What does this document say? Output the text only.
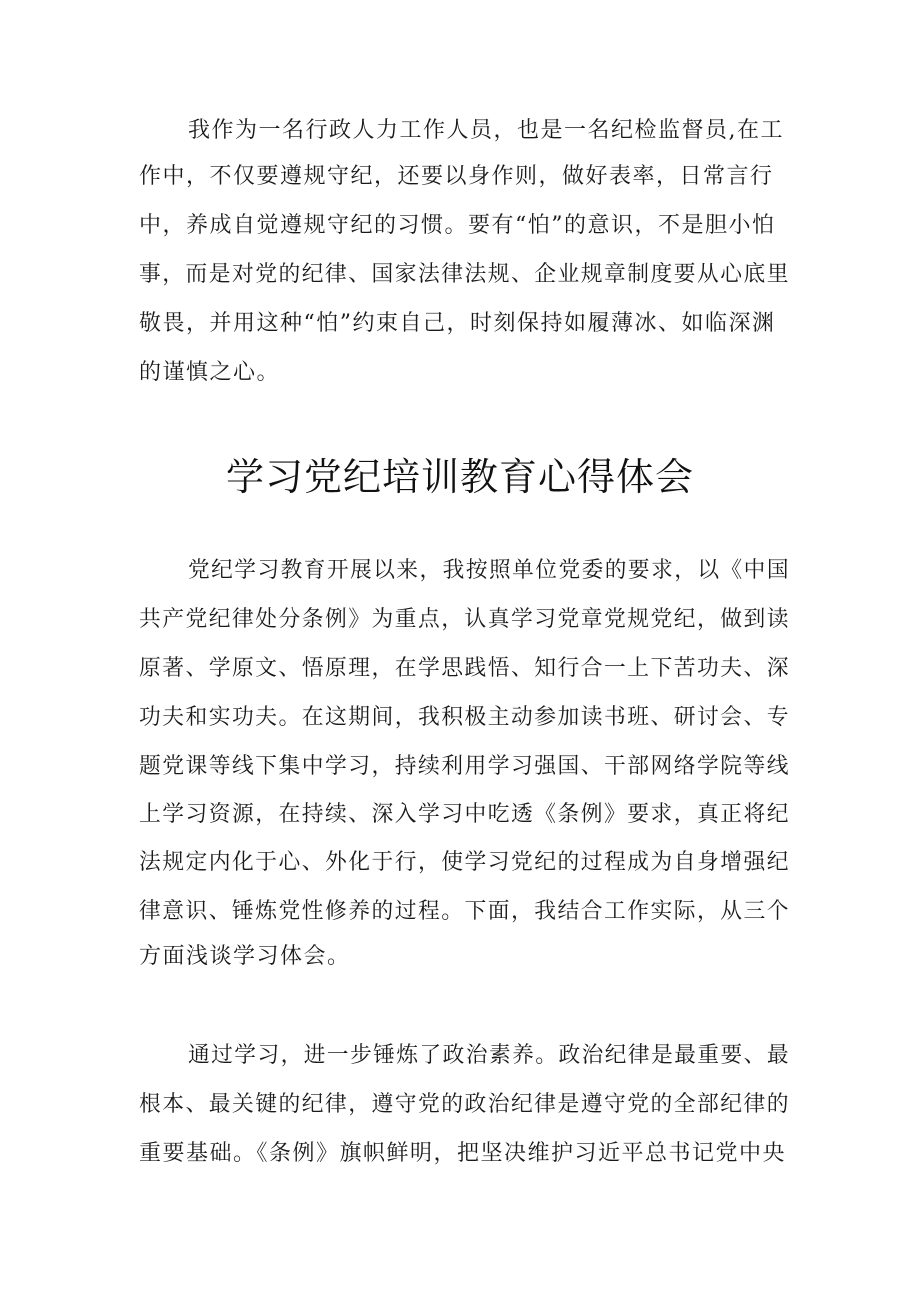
我作为一名行政人力工作人员，也是一名纪检监督员,在工
作中，不仅要遵规守纪，还要以身作则，做好表率，日常言行
中，养成自觉遵规守纪的习惯。要有“怕”的意识，不是胆小怕
事，而是对党的纪律、国家法律法规、企业规章制度要从心底里
敬畏，并用这种“怕”约束自己，时刻保持如履薄冰、如临深渊
的谨慎之心。
学习党纪培训教育心得体会
党纪学习教育开展以来，我按照单位党委的要求，以《中国
共产党纪律处分条例》为重点，认真学习党章党规党纪，做到读
原著、学原文、悟原理，在学思践悟、知行合一上下苦功夫、深
功夫和实功夫。在这期间，我积极主动参加读书班、研讨会、专
题党课等线下集中学习，持续利用学习强国、干部网络学院等线
上学习资源，在持续、深入学习中吃透《条例》要求，真正将纪
法规定内化于心、外化于行，使学习党纪的过程成为自身增强纪
律意识、锤炼党性修养的过程。下面，我结合工作实际，从三个
方面浅谈学习体会。
通过学习，进一步锤炼了政治素养。政治纪律是最重要、最
根本、最关键的纪律，遵守党的政治纪律是遵守党的全部纪律的
重要基础。《条例》旗帜鲜明，把坚决维护习近平总书记党中央
